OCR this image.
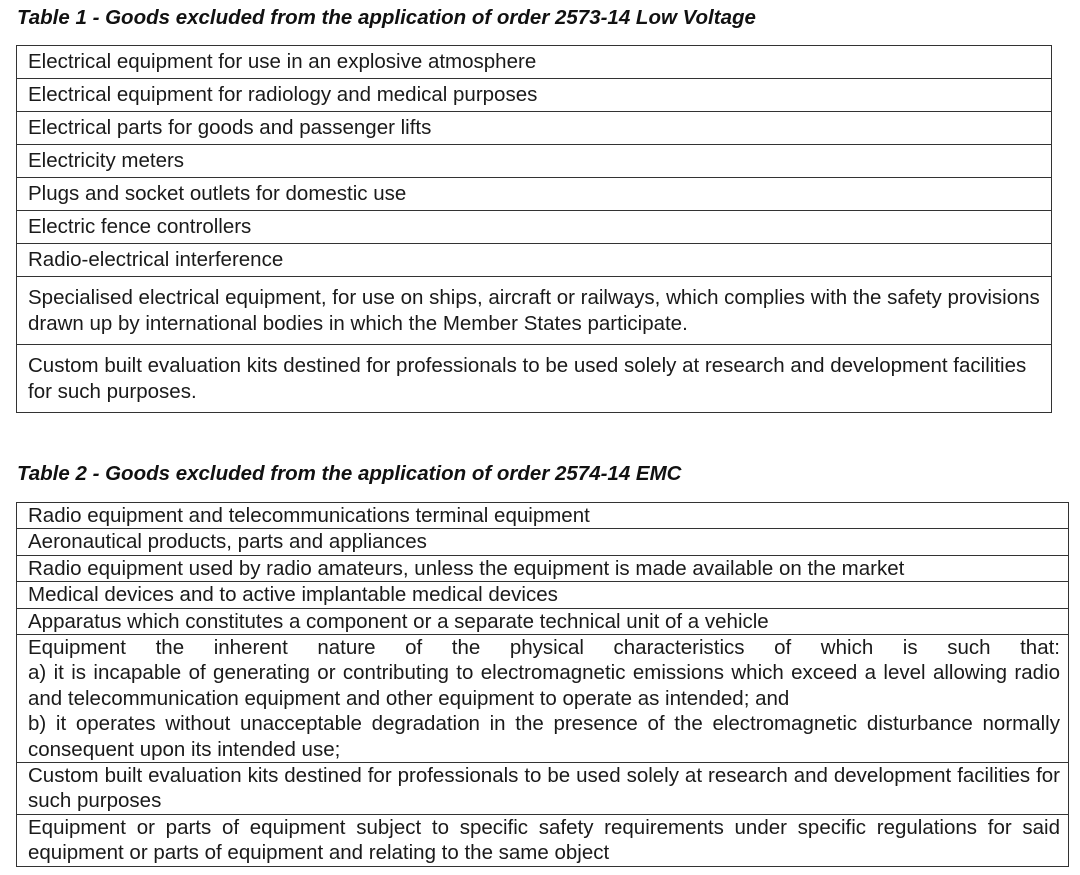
Table 1 - Goods excluded from the application of order 2573-14 Low Voltage
Electrical equipment for use in an explosive atmosphere
Electrical equipment for radiology and medical purposes
Electrical parts for goods and passenger lifts
Electricity meters
Plugs and socket outlets for domestic use
Electric fence controllers
Radio-electrical interference
Specialised electrical equipment, for use on ships, aircraft or railways, which complies with the safety provisions drawn up by international bodies in which the Member States participate.
Custom built evaluation kits destined for professionals to be used solely at research and development facilities for such purposes.
Table 2 - Goods excluded from the application of order 2574-14 EMC
Radio equipment and telecommunications terminal equipment
Aeronautical products, parts and appliances
Radio equipment used by radio amateurs, unless the equipment is made available on the market
Medical devices and to active implantable medical devices
Apparatus which constitutes a component or a separate technical unit of a vehicle

Equipment the inherent nature of the physical characteristics of which is such that:
a) it is incapable of generating or contributing to electromagnetic emissions which exceed a level allowing radio and telecommunication equipment and other equipment to operate as intended; and
b) it operates without unacceptable degradation in the presence of the electromagnetic disturbance normally consequent upon its intended use;

Custom built evaluation kits destined for professionals to be used solely at research and development facilities for such purposes
Equipment or parts of equipment subject to specific safety requirements under specific regulations for said equipment or parts of equipment and relating to the same object
